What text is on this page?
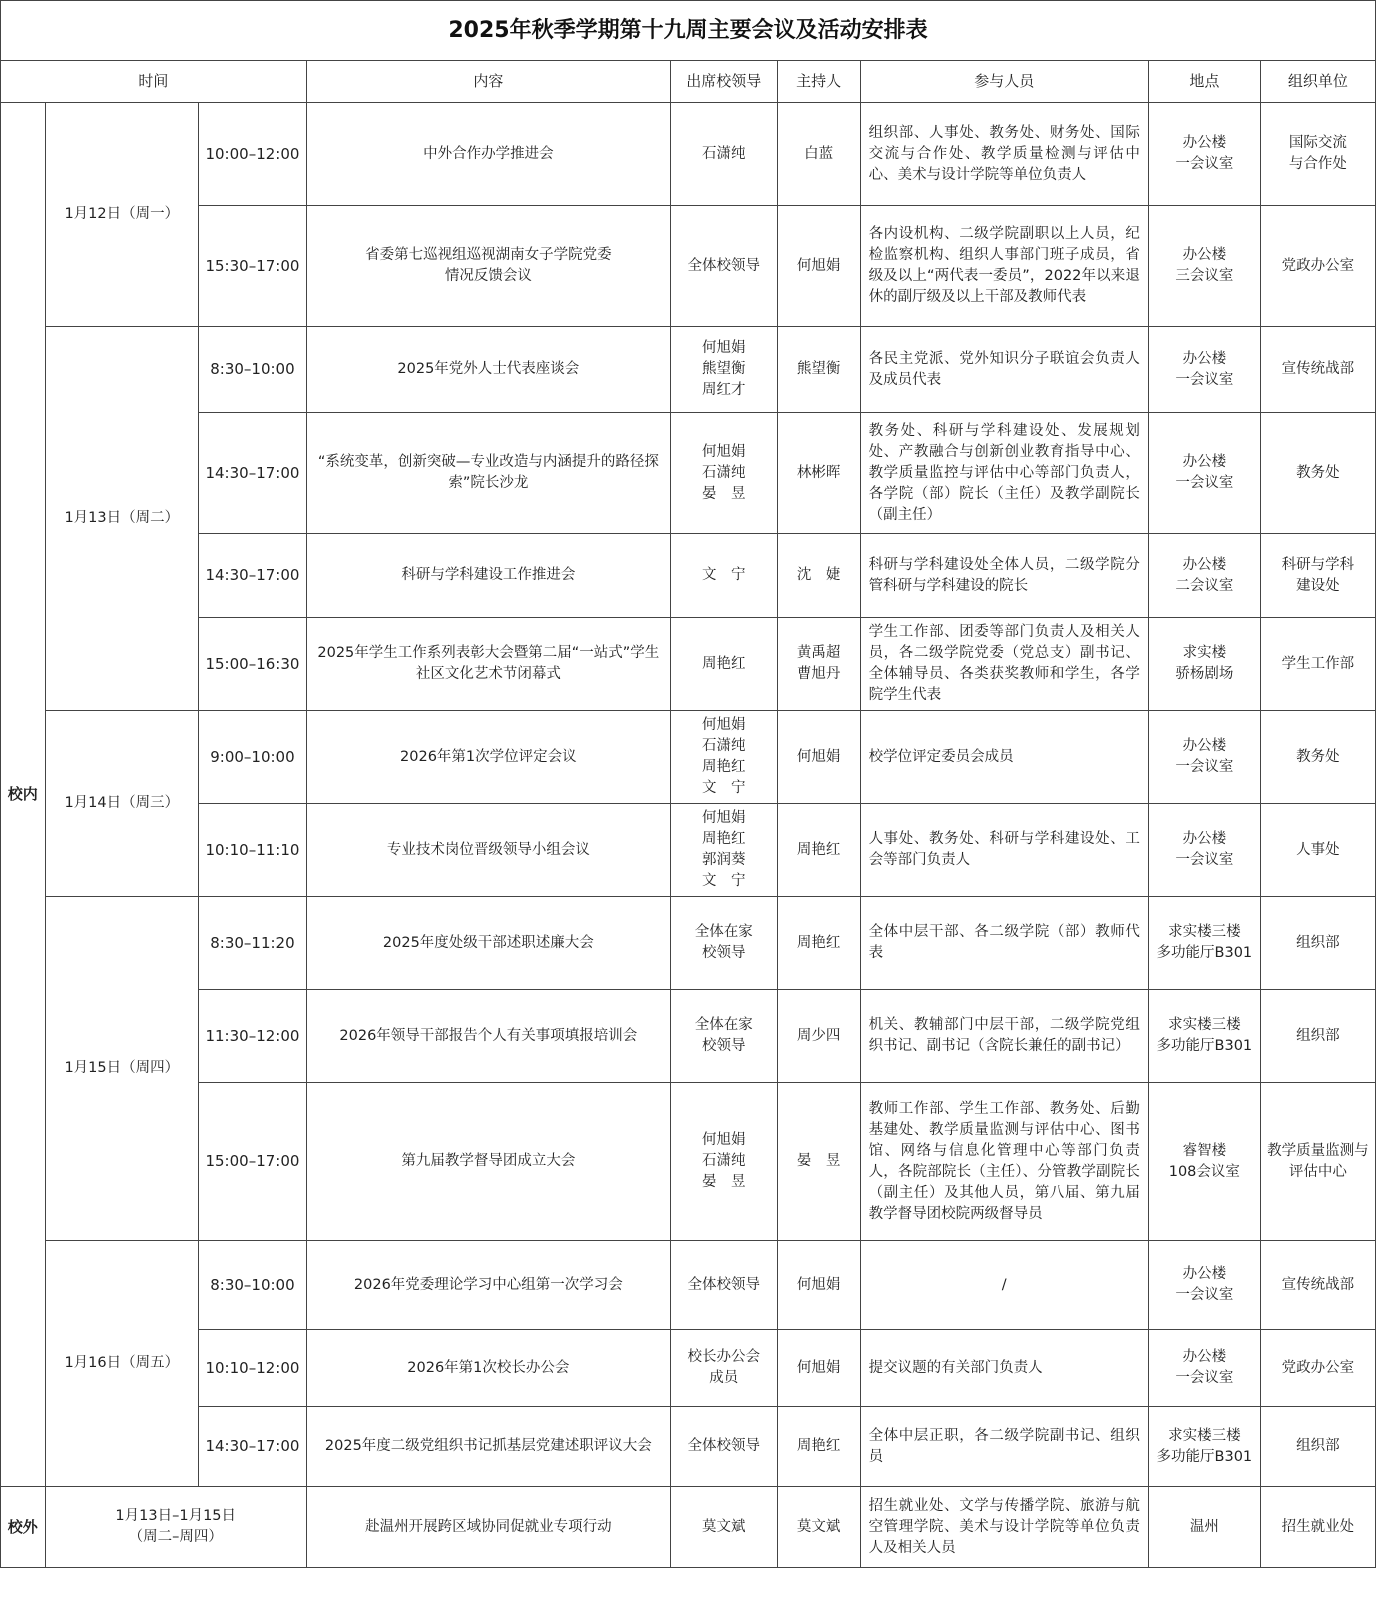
2025年秋季学期第十九周主要会议及活动安排表
时间			内容	出席校领导	主持人	参与人员	地点	组织单位
校内	1月12日（周一）	10:00–12:00	中外合作办学推进会	石潇纯	白蓝	组织部、人事处、教务处、财务处、国际交流与合作处、教学质量检测与评估中心、美术与设计学院等单位负责人	办公楼
一会议室	国际交流
与合作处
		15:30–17:00	省委第七巡视组巡视湖南女子学院党委
情况反馈会议	全体校领导	何旭娟	各内设机构、二级学院副职以上人员，纪检监察机构、组织人事部门班子成员，省级及以上“两代表一委员”，2022年以来退休的副厅级及以上干部及教师代表	办公楼
三会议室	党政办公室
	1月13日（周二）	8:30–10:00	2025年党外人士代表座谈会	何旭娟
熊望衡
周红才	熊望衡	各民主党派、党外知识分子联谊会负责人及成员代表	办公楼
一会议室	宣传统战部
		14:30–17:00	“系统变革，创新突破—专业改造与内涵提升的路径探索”院长沙龙	何旭娟
石潇纯
晏　昱	林彬晖	教务处、科研与学科建设处、发展规划处、产教融合与创新创业教育指导中心、教学质量监控与评估中心等部门负责人，各学院（部）院长（主任）及教学副院长（副主任）	办公楼
一会议室	教务处
		14:30–17:00	科研与学科建设工作推进会	文　宁	沈　婕	科研与学科建设处全体人员，二级学院分管科研与学科建设的院长	办公楼
二会议室	科研与学科
建设处
		15:00–16:30	2025年学生工作系列表彰大会暨第二届“一站式”学生社区文化艺术节闭幕式	周艳红	黄禹超
曹旭丹	学生工作部、团委等部门负责人及相关人员，各二级学院党委（党总支）副书记、全体辅导员、各类获奖教师和学生，各学院学生代表	求实楼
骄杨剧场	学生工作部
	1月14日（周三）	9:00–10:00	2026年第1次学位评定会议	何旭娟
石潇纯
周艳红
文　宁	何旭娟	校学位评定委员会成员	办公楼
一会议室	教务处
		10:10–11:10	专业技术岗位晋级领导小组会议	何旭娟
周艳红
郭润葵
文　宁	周艳红	人事处、教务处、科研与学科建设处、工会等部门负责人	办公楼
一会议室	人事处
	1月15日（周四）	8:30–11:20	2025年度处级干部述职述廉大会	全体在家
校领导	周艳红	全体中层干部、各二级学院（部）教师代表	求实楼三楼
多功能厅B301	组织部
		11:30–12:00	2026年领导干部报告个人有关事项填报培训会	全体在家
校领导	周少四	机关、教辅部门中层干部，二级学院党组织书记、副书记（含院长兼任的副书记）	求实楼三楼
多功能厅B301	组织部
		15:00–17:00	第九届教学督导团成立大会	何旭娟
石潇纯
晏　昱	晏　昱	教师工作部、学生工作部、教务处、后勤基建处、教学质量监测与评估中心、图书馆、网络与信息化管理中心等部门负责人，各院部院长（主任）、分管教学副院长（副主任）及其他人员，第八届、第九届教学督导团校院两级督导员	睿智楼
108会议室	教学质量监测与
评估中心
	1月16日（周五）	8:30–10:00	2026年党委理论学习中心组第一次学习会	全体校领导	何旭娟	/	办公楼
一会议室	宣传统战部
		10:10–12:00	2026年第1次校长办公会	校长办公会
成员	何旭娟	提交议题的有关部门负责人	办公楼
一会议室	党政办公室
		14:30–17:00	2025年度二级党组织书记抓基层党建述职评议大会	全体校领导	周艳红	全体中层正职，各二级学院副书记、组织员	求实楼三楼
多功能厅B301	组织部
校外	1月13日–1月15日
（周二–周四）		赴温州开展跨区域协同促就业专项行动	莫文斌	莫文斌	招生就业处、文学与传播学院、旅游与航空管理学院、美术与设计学院等单位负责人及相关人员	温州	招生就业处
